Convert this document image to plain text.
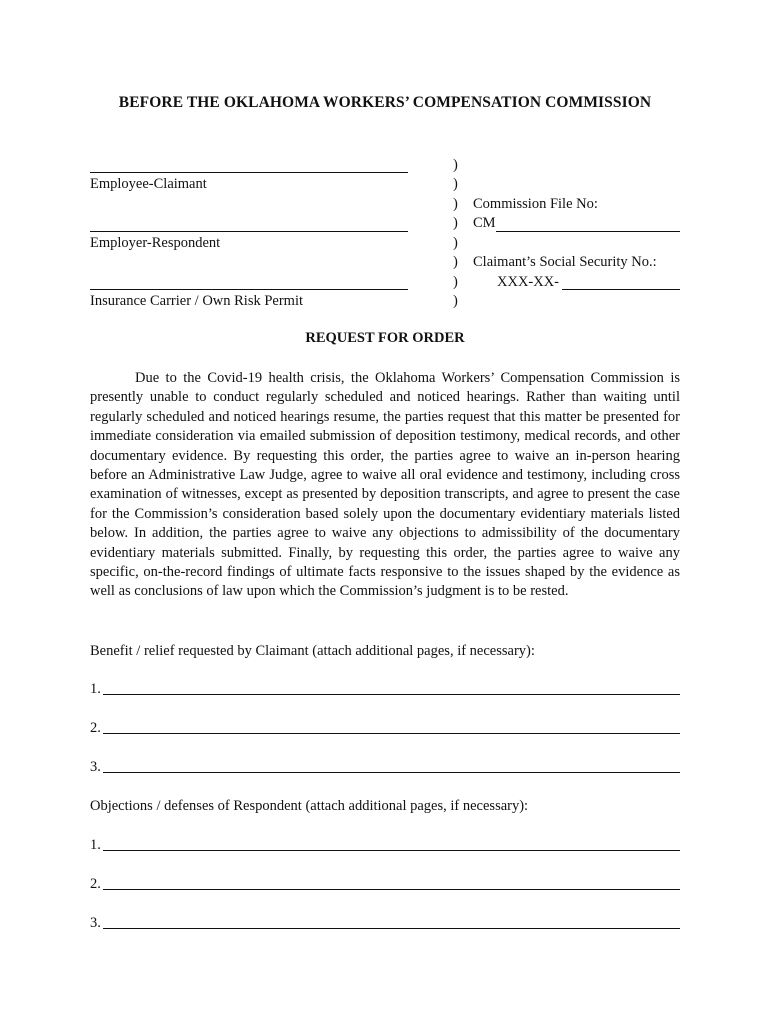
BEFORE THE OKLAHOMA WORKERS’ COMPENSATION COMMISSION
Employee-Claimant
Employer-Respondent
Insurance Carrier / Own Risk Permit
)
)
)
)
)
)
)
)
Commission File No:
CM
Claimant’s Social Security No.:
XXX-XX-
REQUEST FOR ORDER

Due to the Covid-19 health crisis, the Oklahoma Workers’ Compensation Commission is presently unable to conduct regularly scheduled and noticed hearings. Rather than waiting until regularly scheduled and noticed hearings resume, the parties request that this matter be presented for immediate consideration via emailed submission of deposition testimony, medical records, and other documentary evidence. By requesting this order, the parties agree to waive an in-person hearing before an Administrative Law Judge, agree to waive all oral evidence and testimony, including cross examination of witnesses, except as presented by deposition transcripts, and agree to present the case for the Commission’s consideration based solely upon the documentary evidentiary materials listed below. In addition, the parties agree to waive any objections to admissibility of the documentary evidentiary materials submitted. Finally, by requesting this order, the parties agree to waive any specific, on-the-record findings of ultimate facts responsive to the issues shaped by the evidence as well as conclusions of law upon which the Commission’s judgment is to be rested.

Benefit / relief requested by Claimant (attach additional pages, if necessary):
1.
2.
3.
Objections / defenses of Respondent (attach additional pages, if necessary):
1.
2.
3.
